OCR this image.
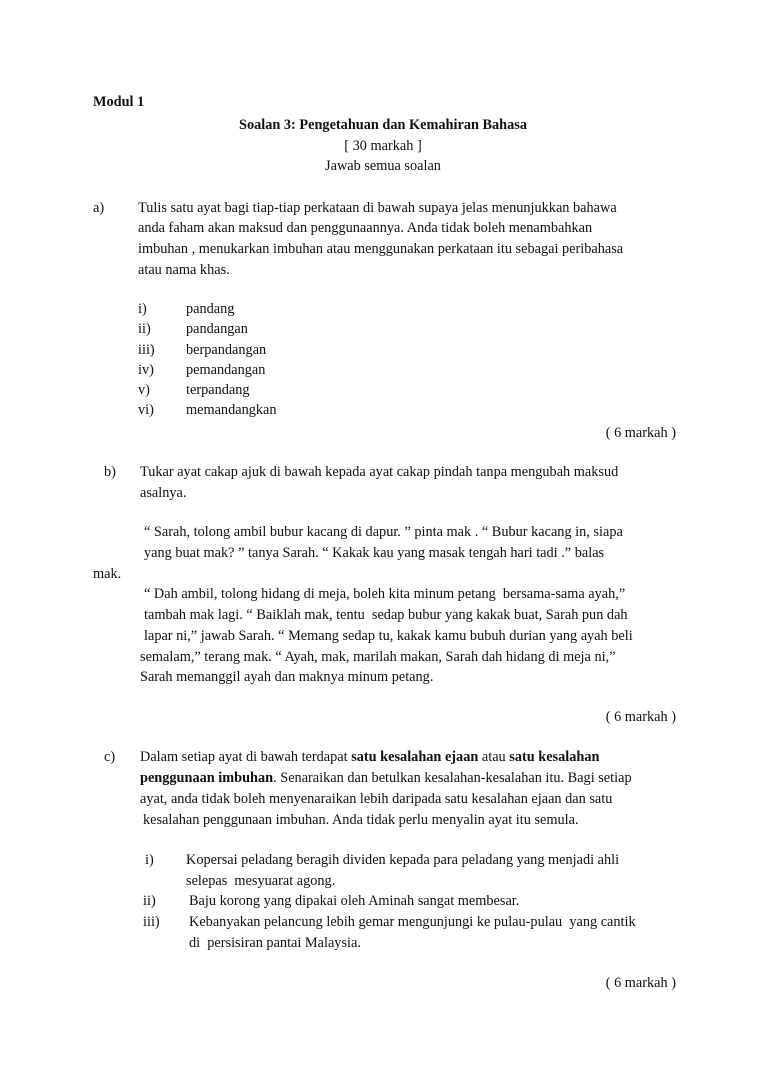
Modul 1
Soalan 3: Pengetahuan dan Kemahiran Bahasa
[ 30 markah ]
Jawab semua soalan
a) Tulis satu ayat bagi tiap-tiap perkataan di bawah supaya jelas menunjukkan bahawa
anda faham akan maksud dan penggunaannya. Anda tidak boleh menambahkan
imbuhan , menukarkan imbuhan atau menggunakan perkataan itu sebagai peribahasa
atau nama khas.
i)	pandang
ii) pandangan
iii) berpandangan
iv) pemandangan
v)	terpandang
vi) memandangkan
( 6 markah )
b) Tukar ayat cakap ajuk di bawah kepada ayat cakap pindah tanpa mengubah maksud
asalnya.
“ Sarah, tolong ambil bubur kacang di dapur. ” pinta mak . “ Bubur kacang in, siapa
yang buat mak? ” tanya Sarah. “ Kakak kau yang masak tengah hari tadi .” balas
mak.
“ Dah ambil, tolong hidang di meja, boleh kita minum petang  bersama-sama ayah,”
tambah mak lagi. “ Baiklah mak, tentu  sedap bubur yang kakak buat, Sarah pun dah
lapar ni,” jawab Sarah. “ Memang sedap tu, kakak kamu bubuh durian yang ayah beli
semalam,” terang mak. “ Ayah, mak, marilah makan, Sarah dah hidang di meja ni,”
Sarah memanggil ayah dan maknya minum petang.
( 6 markah )
c) Dalam setiap ayat di bawah terdapat satu kesalahan ejaan atau satu kesalahan
penggunaan imbuhan. Senaraikan dan betulkan kesalahan-kesalahan itu. Bagi setiap
ayat, anda tidak boleh menyenaraikan lebih daripada satu kesalahan ejaan dan satu
kesalahan penggunaan imbuhan. Anda tidak perlu menyalin ayat itu semula.
i) Kopersai peladang beragih dividen kepada para peladang yang menjadi ahli
selepas  mesyuarat agong.
ii) Baju korong yang dipakai oleh Aminah sangat membesar.
iii) Kebanyakan pelancung lebih gemar mengunjungi ke pulau-pulau  yang cantik
di  persisiran pantai Malaysia.
( 6 markah )
